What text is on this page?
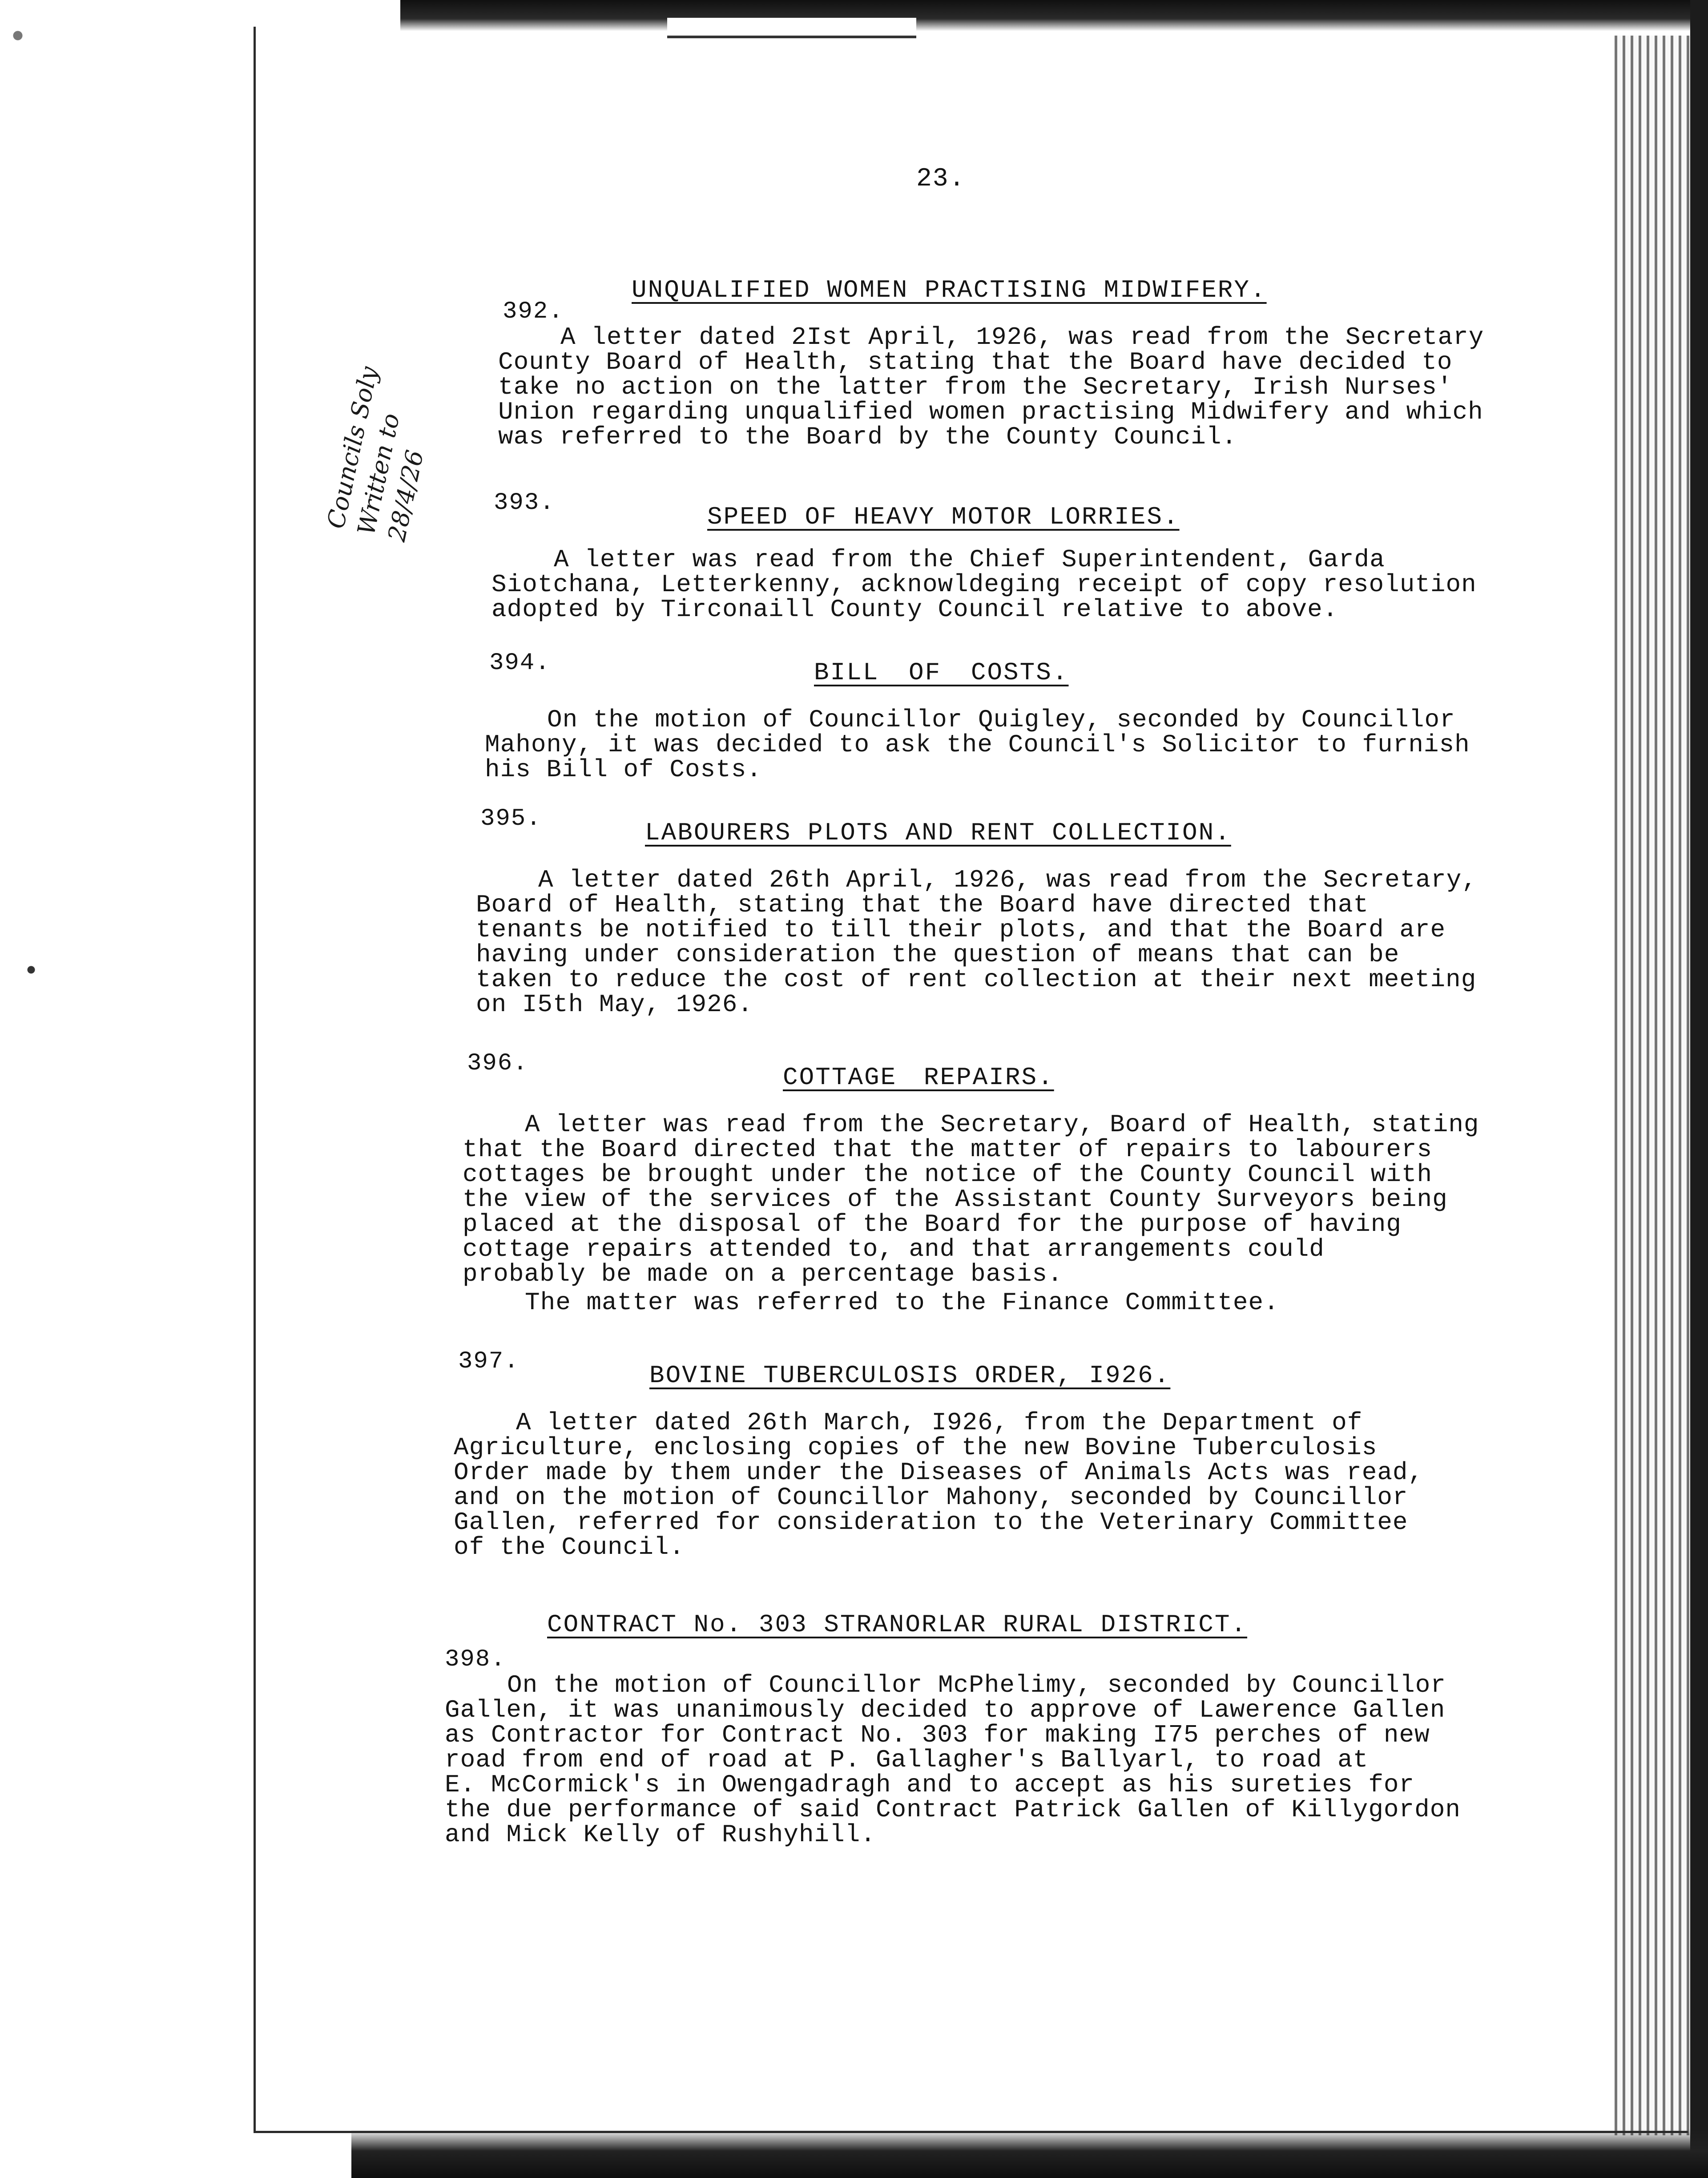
23.
Councils Soly
Written to
28/4/26
392.
UNQUALIFIED WOMEN PRACTISING MIDWIFERY.
A letter dated 2Ist April, 1926, was read from the Secretary
County Board of Health, stating that the Board have decided to
take no action on the latter from the Secretary, Irish Nurses'
Union regarding unqualified women practising Midwifery and which
was referred to the Board by the County Council.
393.	SPEED OF HEAVY MOTOR LORRIES.
A letter was read from the Chief Superintendent, Garda
Siotchana, Letterkenny, acknowldeging receipt of copy resolution
adopted by Tirconaill County Council relative to above.
394.	BILL OF COSTS.
On the motion of Councillor Quigley, seconded by Councillor
Mahony, it was decided to ask the Council's Solicitor to furnish
his Bill of Costs.
395.	LABOURERS PLOTS AND RENT COLLECTION.
A letter dated 26th April, 1926, was read from the Secretary,
Board of Health, stating that the Board have directed that
tenants be notified to till their plots, and that the Board are
having under consideration the question of means that can be
taken to reduce the cost of rent collection at their next meeting
on I5th May, 1926.
396.	COTTAGE REPAIRS.
A letter was read from the Secretary, Board of Health, stating
that the Board directed that the matter of repairs to labourers
cottages be brought under the notice of the County Council with
the view of the services of the Assistant County Surveyors being
placed at the disposal of the Board for the purpose of having
cottage repairs attended to, and that arrangements could
probably be made on a percentage basis.
The matter was referred to the Finance Committee.
397.	BOVINE TUBERCULOSIS ORDER, I926.
A letter dated 26th March, I926, from the Department of
Agriculture, enclosing copies of the new Bovine Tuberculosis
Order made by them under the Diseases of Animals Acts was read,
and on the motion of Councillor Mahony, seconded by Councillor
Gallen, referred for consideration to the Veterinary Committee
of the Council.
398.
CONTRACT No. 303 STRANORLAR RURAL DISTRICT.
On the motion of Councillor McPhelimy, seconded by Councillor
Gallen, it was unanimously decided to approve of Lawerence Gallen
as Contractor for Contract No. 303 for making I75 perches of new
road from end of road at P. Gallagher's Ballyarl, to road at
E. McCormick's in Owengadragh and to accept as his sureties for
the due performance of said Contract Patrick Gallen of Killygordon
and Mick Kelly of Rushyhill.
